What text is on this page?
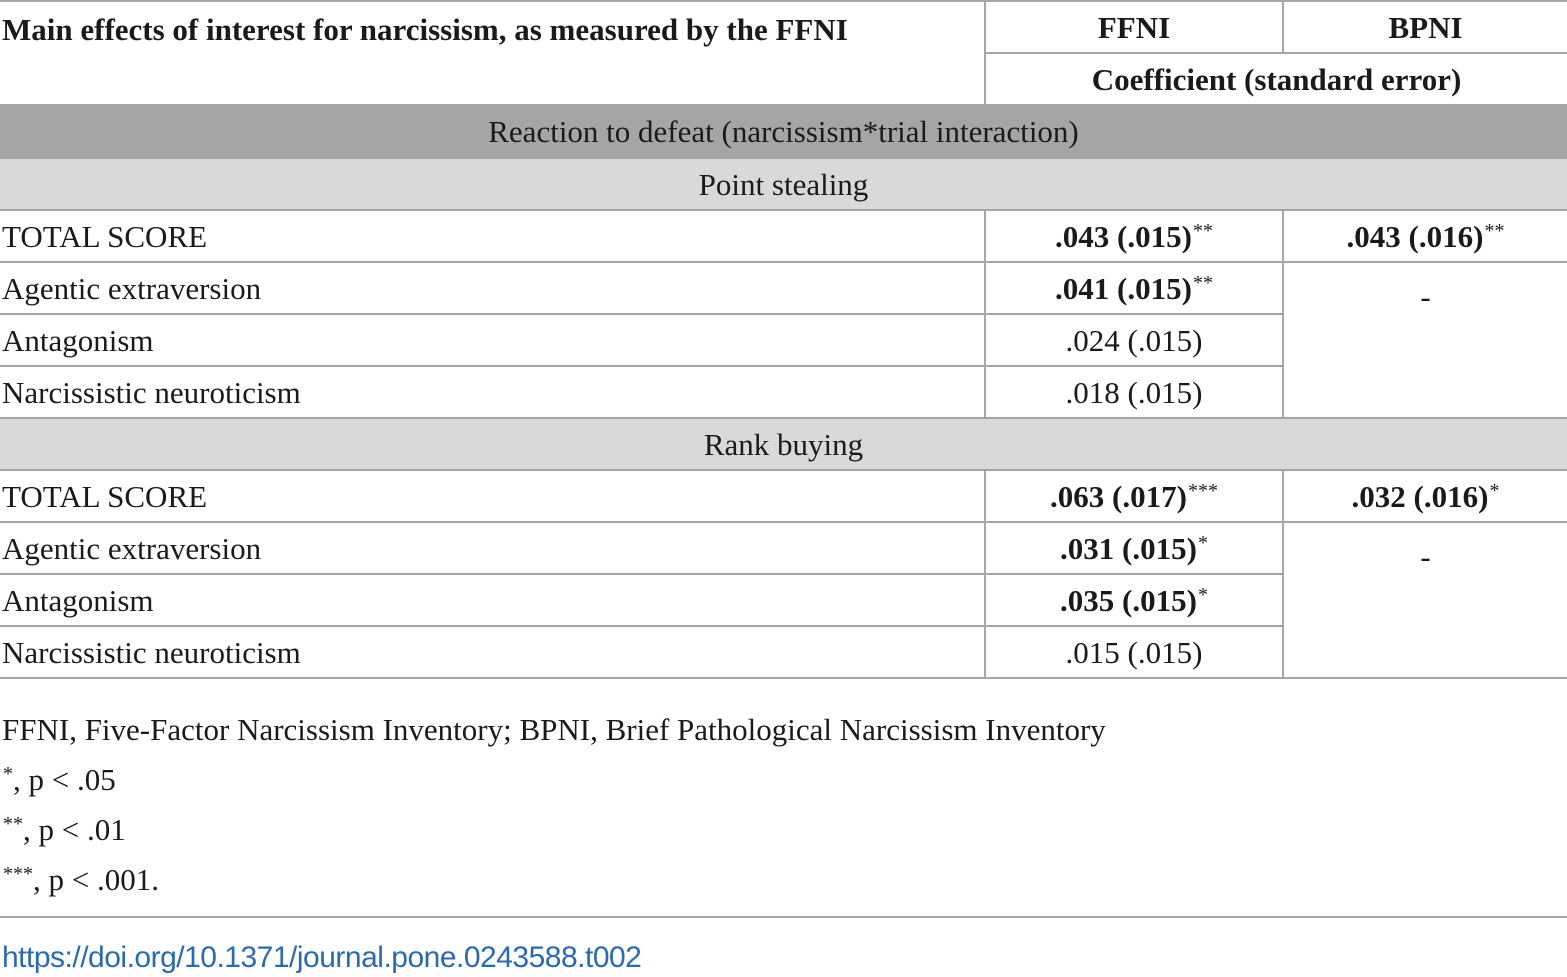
Main effects of interest for narcissism, as measured by the FFNI	FFNI	BPNI
	Coefficient (standard error)	
Reaction to defeat (narcissism*trial interaction)		
Point stealing		
TOTAL SCORE	.043 (.015)**	.043 (.016)**
Agentic extraversion	.041 (.015)**	-
Antagonism	.024 (.015)	
Narcissistic neuroticism	.018 (.015)	
Rank buying		
TOTAL SCORE	.063 (.017)***	.032 (.016)*
Agentic extraversion	.031 (.015)*	-
Antagonism	.035 (.015)*
Narcissistic neuroticism	.015 (.015)	
FFNI, Five-Factor Narcissism Inventory; BPNI, Brief Pathological Narcissism Inventory
*, p < .05
**, p < .01
***, p < .001.
https://doi.org/10.1371/journal.pone.0243588.t002
